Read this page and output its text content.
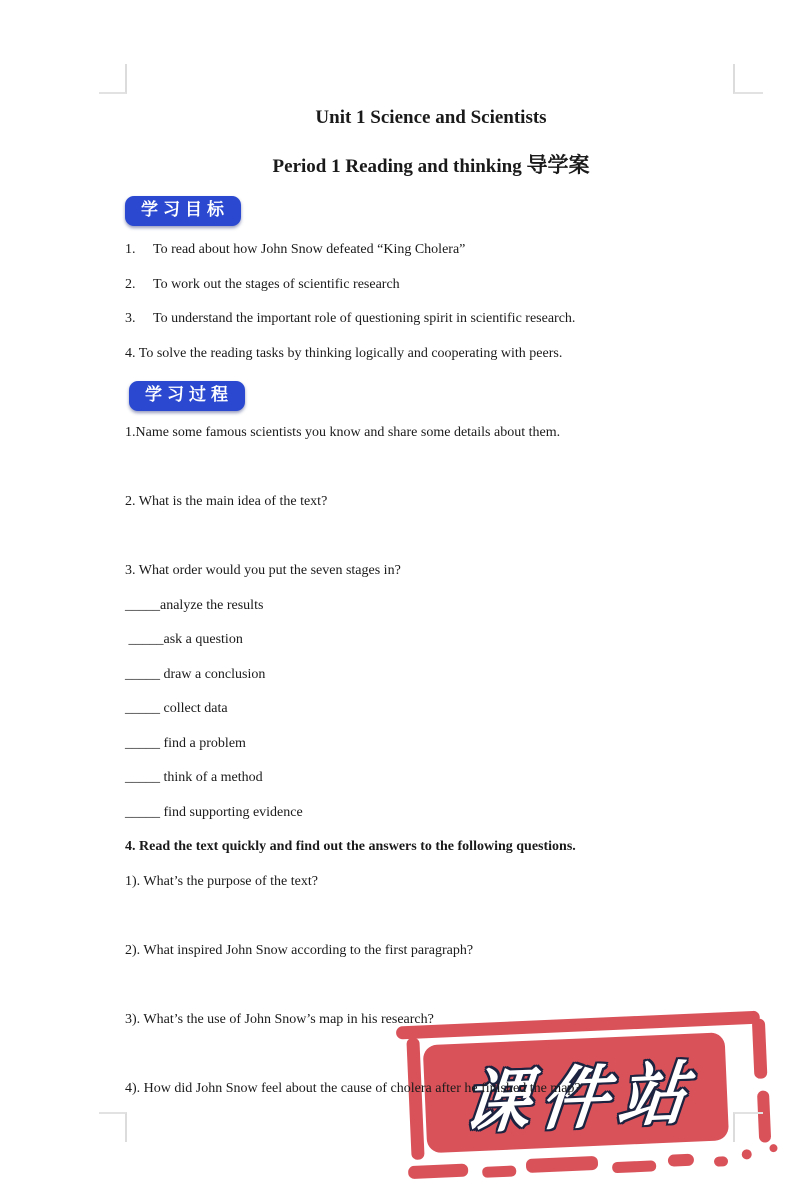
课件站
Unit 1 Science and Scientists
Period 1 Reading and thinking 导学案
学习目标

1.	To read about how John Snow defeated “King Cholera”

2.	To work out the stages of scientific research

3.	To understand the important role of questioning spirit in scientific research.

4. To solve the reading tasks by thinking logically and cooperating with peers.

学习过程

1.Name some famous scientists you know and share some details about them.

2. What is the main idea of the text?

3. What order would you put the seven stages in?

_____analyze the results

_____ask a question

_____ draw a conclusion

_____ collect data

_____ find a problem

_____ think of a method

_____ find supporting evidence

4. Read the text quickly and find out the answers to the following questions.

1). What’s the purpose of the text?

2). What inspired John Snow according to the first paragraph?

3). What’s the use of John Snow’s map in his research?

4). How did John Snow feel about the cause of cholera after he finished the map?
